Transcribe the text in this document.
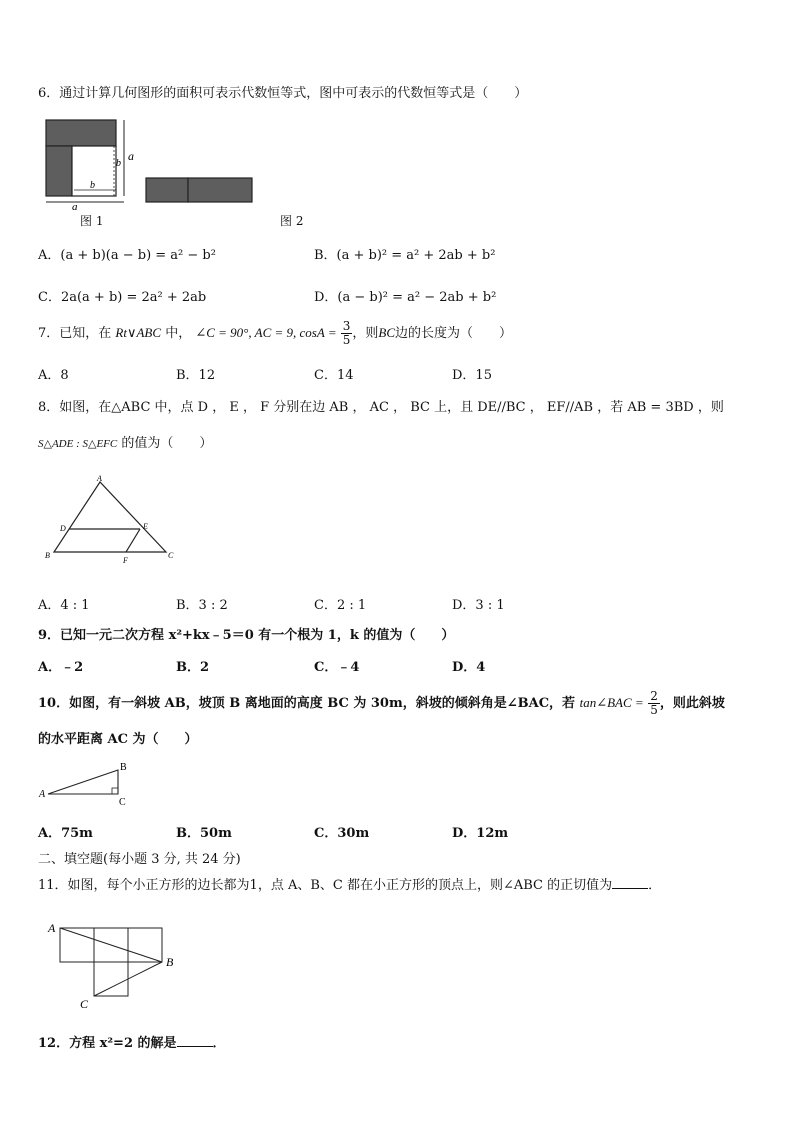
6．通过计算几何图形的面积可表示代数恒等式，图中可表示的代数恒等式是（　　）
a
b
b
a
图 1	图 2
A．(a + b)(a − b) = a² − b²	B．(a + b)² = a² + 2ab + b²
C．2a(a + b) = 2a² + 2ab	D．(a − b)² = a² − 2ab + b²
7．已知，在 Rt∨ABC 中， ∠C = 90°, AC = 9, $\cos A = \frac{3}{5}$ ，则BC边的长度为（　　）
A．8	B．12	C．14	D．15
8．如图，在△ABC 中，点 D ， E ， F 分别在边 AB ， AC ， BC 上，且 DE//BC ， EF//AB ，若 AB = 3BD ，则
S△ADE : S△EFC 的值为（　　）
A
D	E
B
F
C
A．4 : 1	B．3 : 2	C．2 : 1	D．3 : 1
9．已知一元二次方程 x²+kx﹣5＝0 有一个根为 1，k 的值为（　　）
A．﹣2	B．2	C．﹣4	D．4
10．如图，有一斜坡 AB，坡顶 B 离地面的高度 BC 为 30m，斜坡的倾斜角是∠BAC，若 tan∠BAC = $\frac{2}{5}$ ，则此斜坡
的水平距离 AC 为（　　）
A
B
C
A．75m	B．50m	C．30m	D．12m
二、填空题(每小题 3 分, 共 24 分)
11．如图，每个小正方形的边长都为1，点 A、B、C 都在小正方形的顶点上，则∠ABC 的正切值为	．
A
B
C
12．方程 x²=2 的解是	．
